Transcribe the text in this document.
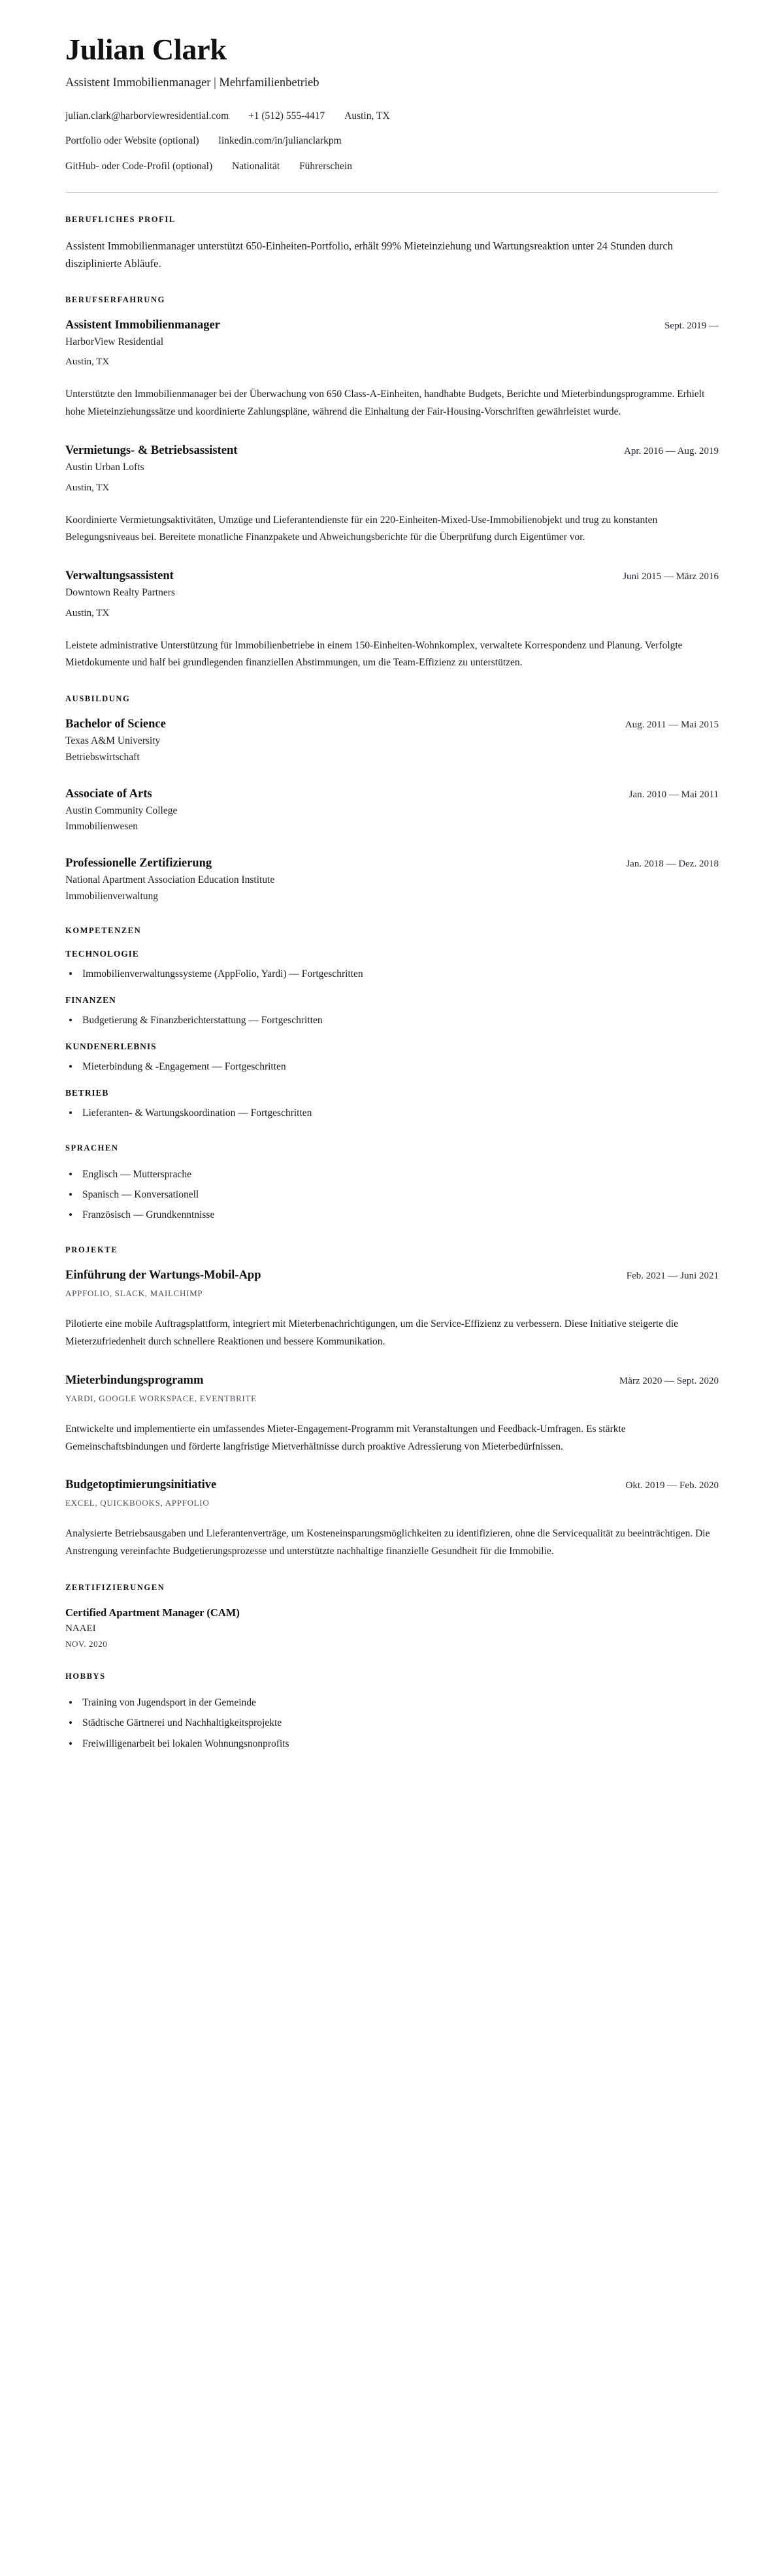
Julian Clark

Assistent Immobilienmanager | Mehrfamilienbetrieb

julian.clark@harborviewresidential.com +1 (512) 555-4417 Austin, TX
Portfolio oder Website (optional) linkedin.com/in/julianclarkpm
GitHub- oder Code-Profil (optional) Nationalität Führerschein
BERUFLICHES PROFIL

Assistent Immobilienmanager unterstützt 650-Einheiten-Portfolio, erhält 99% Mieteinziehung und Wartungsreaktion unter 24 Stunden durch disziplinierte Abläufe.

BERUFSERFAHRUNG
Assistent Immobilienmanager	Sept. 2019 —

HarborView Residential

Austin, TX

Unterstützte den Immobilienmanager bei der Überwachung von 650 Class-A-Einheiten, handhabte Budgets, Berichte und Mieterbindungsprogramme. Erhielt hohe Mieteinziehungssätze und koordinierte Zahlungspläne, während die Einhaltung der Fair-Housing-Vorschriften gewährleistet wurde.

Vermietungs- & Betriebsassistent	Apr. 2016 — Aug. 2019

Austin Urban Lofts

Austin, TX

Koordinierte Vermietungsaktivitäten, Umzüge und Lieferantendienste für ein 220-Einheiten-Mixed-Use-Immobilienobjekt und trug zu konstanten Belegungsniveaus bei. Bereitete monatliche Finanzpakete und Abweichungsberichte für die Überprüfung durch Eigentümer vor.

Verwaltungsassistent	Juni 2015 — März 2016

Downtown Realty Partners

Austin, TX

Leistete administrative Unterstützung für Immobilienbetriebe in einem 150-Einheiten-Wohnkomplex, verwaltete Korrespondenz und Planung. Verfolgte Mietdokumente und half bei grundlegenden finanziellen Abstimmungen, um die Team-Effizienz zu unterstützen.

AUSBILDUNG
Bachelor of Science	Aug. 2011 — Mai 2015

Texas A&M University

Betriebswirtschaft

Associate of Arts	Jan. 2010 — Mai 2011

Austin Community College

Immobilienwesen

Professionelle Zertifizierung	Jan. 2018 — Dez. 2018

National Apartment Association Education Institute

Immobilienverwaltung

KOMPETENZEN
TECHNOLOGIE
Immobilienverwaltungssysteme (AppFolio, Yardi) — Fortgeschritten
FINANZEN
Budgetierung & Finanzberichterstattung — Fortgeschritten
KUNDENERLEBNIS
Mieterbindung & -Engagement — Fortgeschritten
BETRIEB
Lieferanten- & Wartungskoordination — Fortgeschritten
SPRACHEN
Englisch — Muttersprache
Spanisch — Konversationell
Französisch — Grundkenntnisse
PROJEKTE
Einführung der Wartungs-Mobil-App	Feb. 2021 — Juni 2021

APPFOLIO, SLACK, MAILCHIMP

Pilotierte eine mobile Auftragsplattform, integriert mit Mieterbenachrichtigungen, um die Service-Effizienz zu verbessern. Diese Initiative steigerte die Mieterzufriedenheit durch schnellere Reaktionen und bessere Kommunikation.

Mieterbindungsprogramm	März 2020 — Sept. 2020

YARDI, GOOGLE WORKSPACE, EVENTBRITE

Entwickelte und implementierte ein umfassendes Mieter-Engagement-Programm mit Veranstaltungen und Feedback-Umfragen. Es stärkte Gemeinschaftsbindungen und förderte langfristige Mietverhältnisse durch proaktive Adressierung von Mieterbedürfnissen.

Budgetoptimierungsinitiative	Okt. 2019 — Feb. 2020

EXCEL, QUICKBOOKS, APPFOLIO

Analysierte Betriebsausgaben und Lieferantenverträge, um Kosteneinsparungsmöglichkeiten zu identifizieren, ohne die Servicequalität zu beeinträchtigen. Die Anstrengung vereinfachte Budgetierungsprozesse und unterstützte nachhaltige finanzielle Gesundheit für die Immobilie.

ZERTIFIZIERUNGEN
Certified Apartment Manager (CAM)

NAAEI

NOV. 2020

HOBBYS
Training von Jugendsport in der Gemeinde
Städtische Gärtnerei und Nachhaltigkeitsprojekte
Freiwilligenarbeit bei lokalen Wohnungsnonprofits
